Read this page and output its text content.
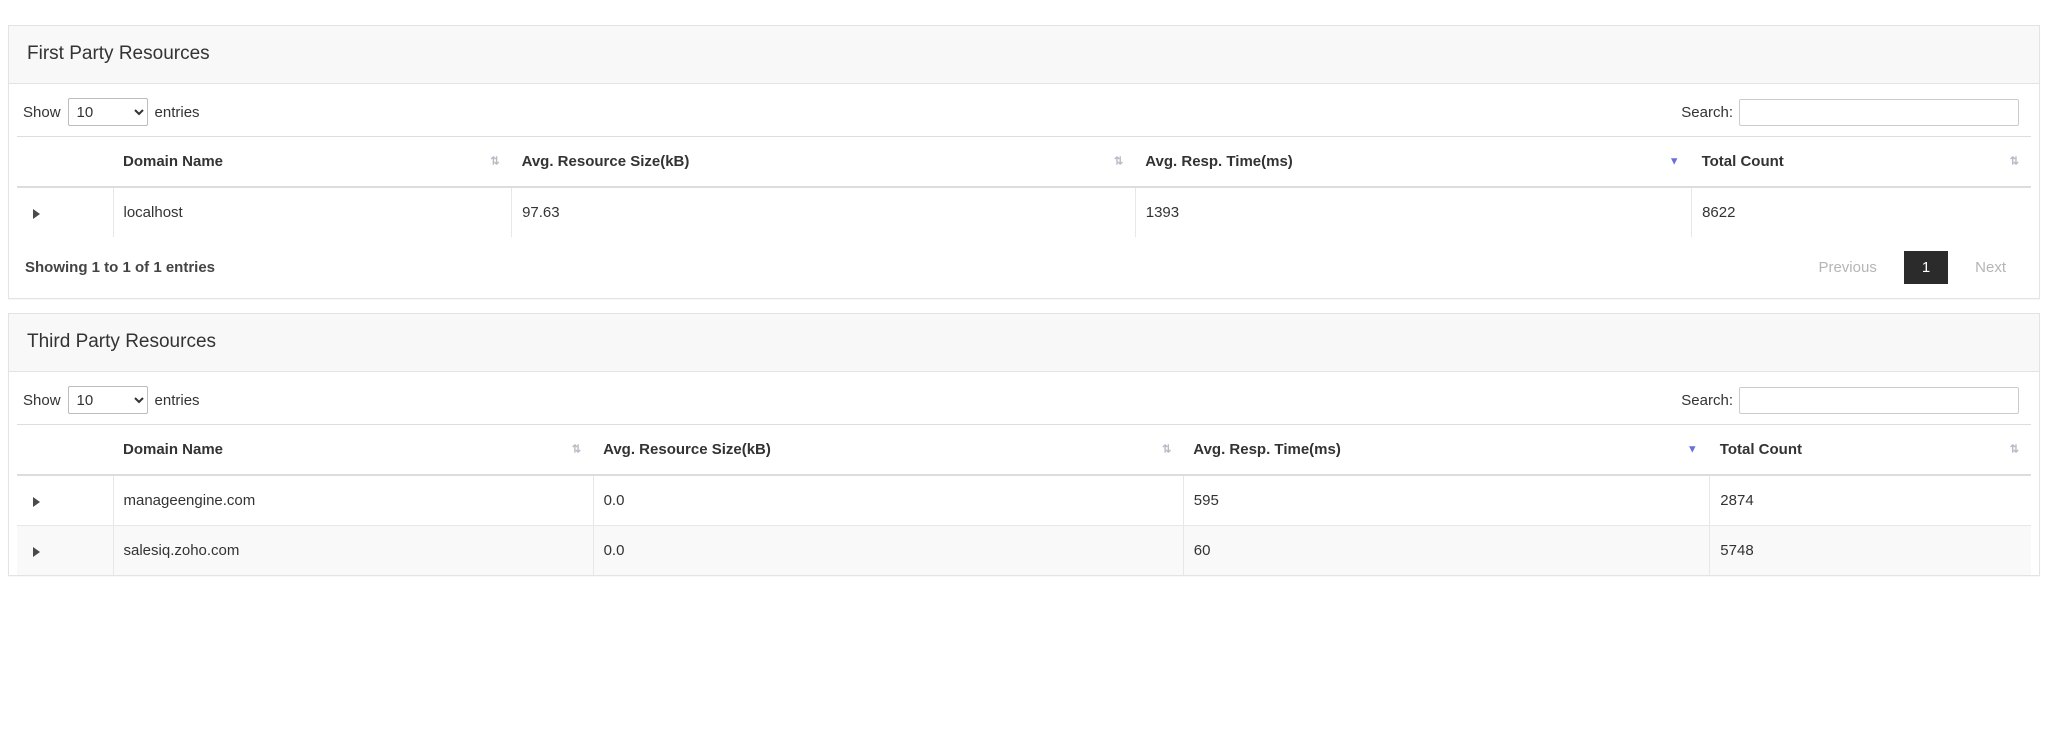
First Party Resources
Show
10	entries	Search:
	Domain Name ⇅	Avg. Resource Size(kB) ⇅	Avg. Resp. Time(ms) ▼	Total Count ⇅

	localhost	97.63	1393	8622
Showing 1 to 1 of 1 entries	Previous	1	Next
Third Party Resources
Show
10	entries	Search:
	Domain Name ⇅	Avg. Resource Size(kB) ⇅	Avg. Resp. Time(ms) ▼	Total Count ⇅

	manageengine.com	0.0	595	2874
	salesiq.zoho.com	0.0	60	5748
